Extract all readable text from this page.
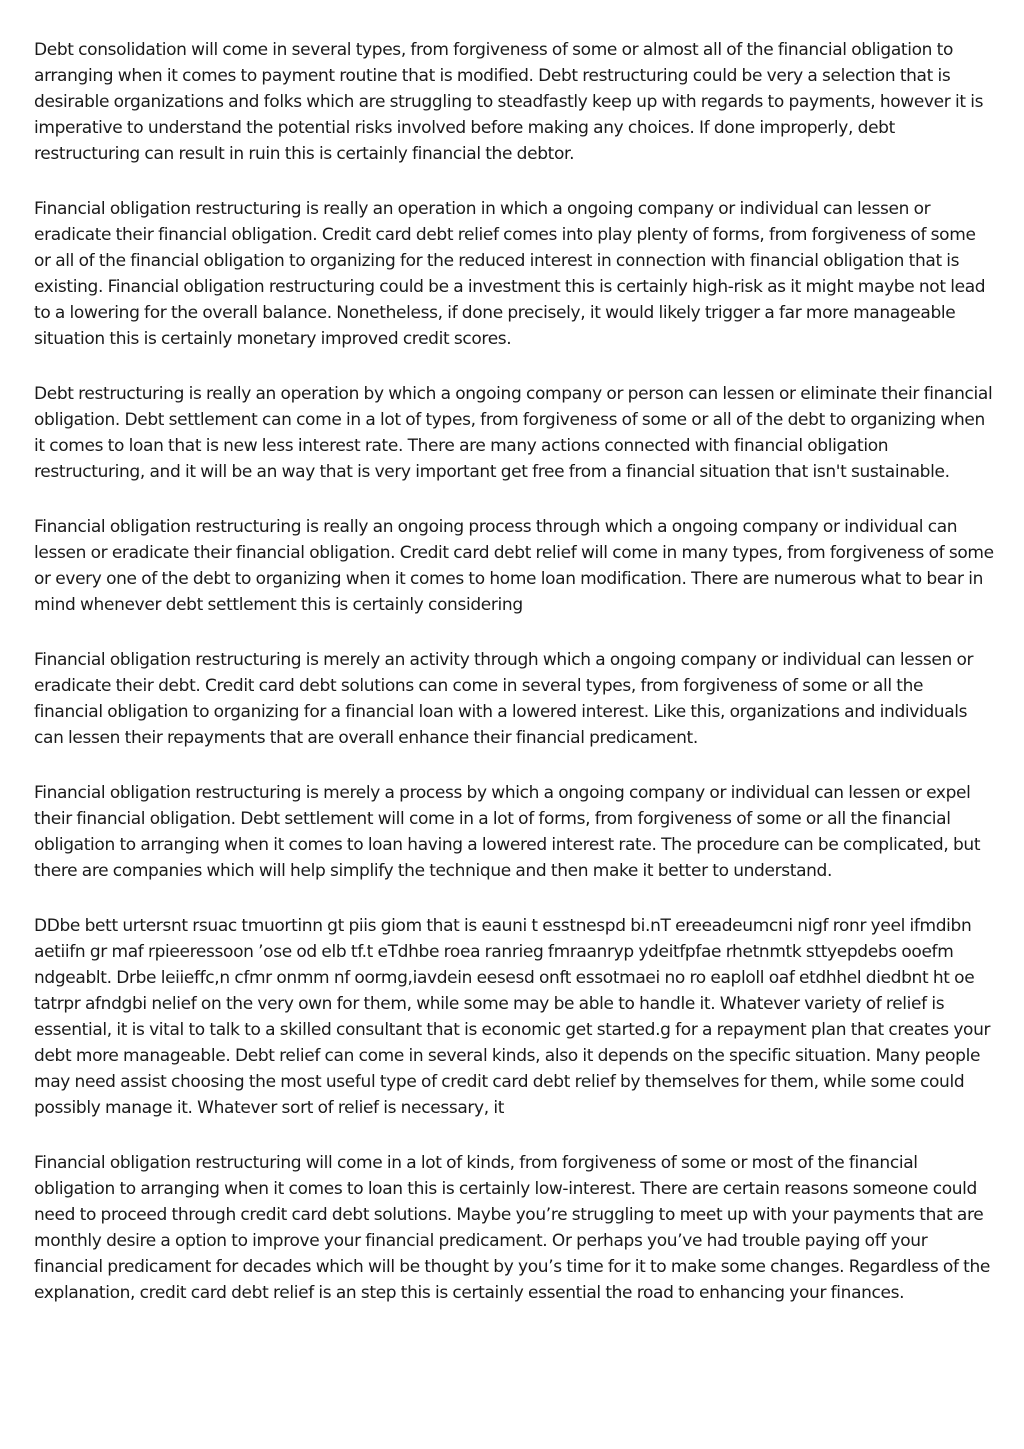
Debt consolidation will come in several types, from forgiveness of some or almost all of the financial obligation to arranging when it comes to payment routine that is modified. Debt restructuring could be very a selection that is desirable organizations and folks which are struggling to steadfastly keep up with regards to payments, however it is imperative to understand the potential risks involved before making any choices. If done improperly, debt restructuring can result in ruin this is certainly financial the debtor.

Financial obligation restructuring is really an operation in which a ongoing company or individual can lessen or eradicate their financial obligation. Credit card debt relief comes into play plenty of forms, from forgiveness of some or all of the financial obligation to organizing for the reduced interest in connection with financial obligation that is existing. Financial obligation restructuring could be a investment this is certainly high-risk as it might maybe not lead to a lowering for the overall balance. Nonetheless, if done precisely, it would likely trigger a far more manageable situation this is certainly monetary improved credit scores.

Debt restructuring is really an operation by which a ongoing company or person can lessen or eliminate their financial obligation. Debt settlement can come in a lot of types, from forgiveness of some or all of the debt to organizing when it comes to loan that is new less interest rate. There are many actions connected with financial obligation restructuring, and it will be an way that is very important get free from a financial situation that isn't sustainable.

Financial obligation restructuring is really an ongoing process through which a ongoing company or individual can lessen or eradicate their financial obligation. Credit card debt relief will come in many types, from forgiveness of some or every one of the debt to organizing when it comes to home loan modification. There are numerous what to bear in mind whenever debt settlement this is certainly considering

Financial obligation restructuring is merely an activity through which a ongoing company or individual can lessen or eradicate their debt. Credit card debt solutions can come in several types, from forgiveness of some or all the financial obligation to organizing for a financial loan with a lowered interest. Like this, organizations and individuals can lessen their repayments that are overall enhance their financial predicament.

Financial obligation restructuring is merely a process by which a ongoing company or individual can lessen or expel their financial obligation. Debt settlement will come in a lot of forms, from forgiveness of some or all the financial obligation to arranging when it comes to loan having a lowered interest rate. The procedure can be complicated, but there are companies which will help simplify the technique and then make it better to understand.

DDbe bett urtersnt rsuac tmuortinn gt piis giom that is eauni t esstnespd bi.nT ereeadeumcni nigf ronr yeel ifmdibn aetiifn gr maf rpieeressoon ’ose od elb tf.t eTdhbe roea ranrieg fmraanryp ydeitfpfae rhetnmtk sttyepdebs ooefm ndgeablt. Drbe leiieffc,n cfmr onmm nf oormg,iavdein eesesd onft essotmaei no ro eaploll oaf etdhhel diedbnt ht oe tatrpr afndgbi nelief on the very own for them, while some may be able to handle it. Whatever variety of relief is essential, it is vital to talk to a skilled consultant that is economic get started.g for a repayment plan that creates your debt more manageable. Debt relief can come in several kinds, also it depends on the specific situation. Many people may need assist choosing the most useful type of credit card debt relief by themselves for them, while some could possibly manage it. Whatever sort of relief is necessary, it

Financial obligation restructuring will come in a lot of kinds, from forgiveness of some or most of the financial obligation to arranging when it comes to loan this is certainly low-interest. There are certain reasons someone could need to proceed through credit card debt solutions. Maybe you’re struggling to meet up with your payments that are monthly desire a option to improve your financial predicament. Or perhaps you’ve had trouble paying off your financial predicament for decades which will be thought by you’s time for it to make some changes. Regardless of the explanation, credit card debt relief is an step this is certainly essential the road to enhancing your finances.
